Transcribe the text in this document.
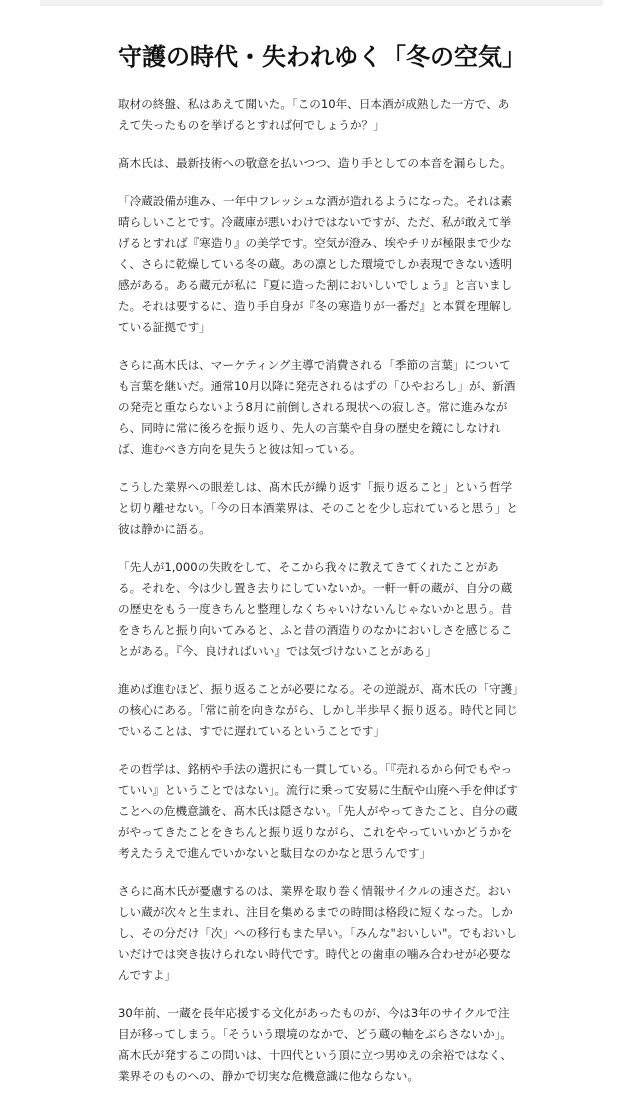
守護の時代・失われゆく「冬の空気」

取材の終盤、私はあえて聞いた。「この10年、日本酒が成熟した一方で、あえて失ったものを挙げるとすれば何でしょうか？」

髙木氏は、最新技術への敬意を払いつつ、造り手としての本音を漏らした。

「冷蔵設備が進み、一年中フレッシュな酒が造れるようになった。それは素晴らしいことです。冷蔵庫が悪いわけではないですが、ただ、私が敢えて挙げるとすれば『寒造り』の美学です。空気が澄み、埃やチリが極限まで少なく、さらに乾燥している冬の蔵。あの凛とした環境でしか表現できない透明感がある。ある蔵元が私に『夏に造った割においしいでしょう』と言いました。それは要するに、造り手自身が『冬の寒造りが一番だ』と本質を理解している証拠です」

さらに髙木氏は、マーケティング主導で消費される「季節の言葉」についても言葉を継いだ。通常10月以降に発売されるはずの「ひやおろし」が、新酒の発売と重ならないよう8月に前倒しされる現状への寂しさ。常に進みながら、同時に常に後ろを振り返り、先人の言葉や自身の歴史を鏡にしなければ、進むべき方向を見失うと彼は知っている。

こうした業界への眼差しは、髙木氏が繰り返す「振り返ること」という哲学と切り離せない。「今の日本酒業界は、そのことを少し忘れていると思う」と彼は静かに語る。

「先人が1,000の失敗をして、そこから我々に教えてきてくれたことがある。それを、今は少し置き去りにしていないか。一軒一軒の蔵が、自分の蔵の歴史をもう一度きちんと整理しなくちゃいけないんじゃないかと思う。昔をきちんと振り向いてみると、ふと昔の酒造りのなかにおいしさを感じることがある。『今、良ければいい』では気づけないことがある」

進めば進むほど、振り返ることが必要になる。その逆説が、髙木氏の「守護」の核心にある。「常に前を向きながら、しかし半歩早く振り返る。時代と同じでいることは、すでに遅れているということです」

その哲学は、銘柄や手法の選択にも一貫している。「『売れるから何でもやっていい』ということではない」。流行に乗って安易に生酛や山廃へ手を伸ばすことへの危機意識を、髙木氏は隠さない。「先人がやってきたこと、自分の蔵がやってきたことをきちんと振り返りながら、これをやっていいかどうかを考えたうえで進んでいかないと駄目なのかなと思うんです」

さらに髙木氏が憂慮するのは、業界を取り巻く情報サイクルの速さだ。おいしい蔵が次々と生まれ、注目を集めるまでの時間は格段に短くなった。しかし、その分だけ「次」への移行もまた早い。「みんな"おいしい"。でもおいしいだけでは突き抜けられない時代です。時代との歯車の噛み合わせが必要なんですよ」

30年前、一蔵を長年応援する文化があったものが、今は3年のサイクルで注目が移ってしまう。「そういう環境のなかで、どう蔵の軸をぶらさないか」。髙木氏が発するこの問いは、十四代という頂に立つ男ゆえの余裕ではなく、業界そのものへの、静かで切実な危機意識に他ならない。
